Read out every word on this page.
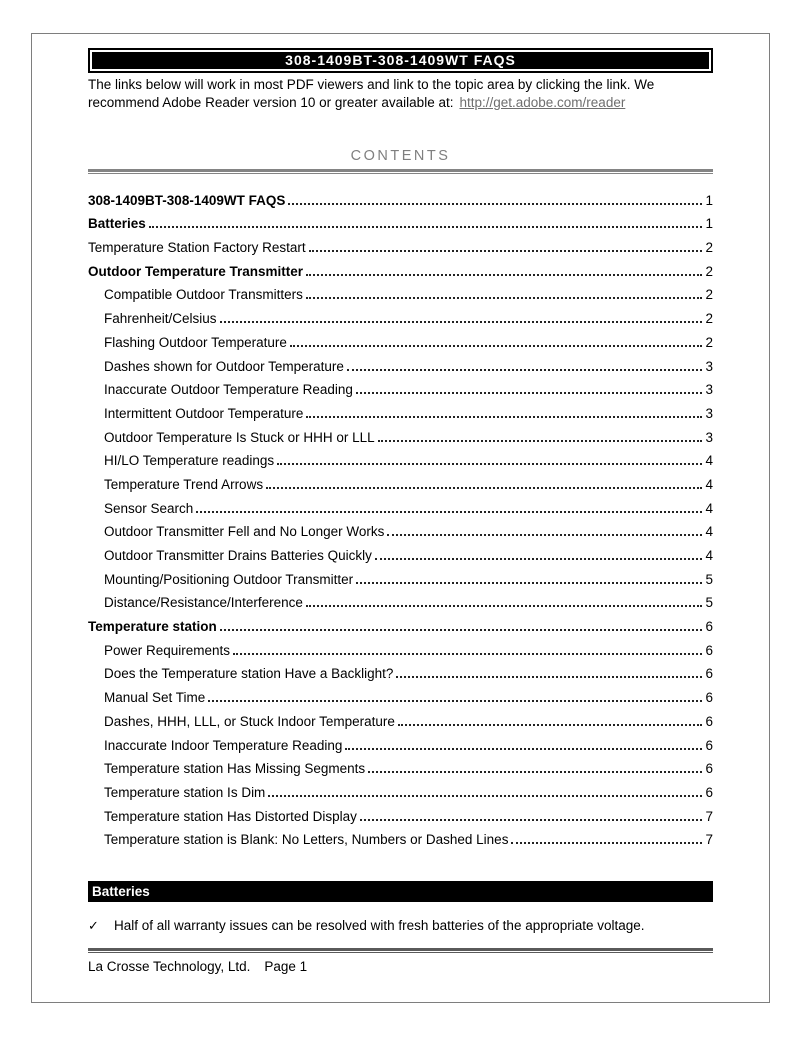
308-1409BT-308-1409WT FAQS
The links below will work in most PDF viewers and link to the topic area by clicking the link. We
recommend Adobe Reader version 10 or greater available at: http://get.adobe.com/reader
CONTENTS
308-1409BT-308-1409WT FAQS	1
Batteries	1
Temperature Station Factory Restart	2
Outdoor Temperature Transmitter	2
Compatible Outdoor Transmitters	2
Fahrenheit/Celsius	2
Flashing Outdoor Temperature	2
Dashes shown for Outdoor Temperature	3
Inaccurate Outdoor Temperature Reading	3
Intermittent Outdoor Temperature	3
Outdoor Temperature Is Stuck or HHH or LLL	3
HI/LO Temperature readings	4
Temperature Trend Arrows	4
Sensor Search	4
Outdoor Transmitter Fell and No Longer Works	4
Outdoor Transmitter Drains Batteries Quickly	4
Mounting/Positioning Outdoor Transmitter	5
Distance/Resistance/Interference	5
Temperature station	6
Power Requirements	6
Does the Temperature station Have a Backlight?	6
Manual Set Time	6
Dashes, HHH, LLL, or Stuck Indoor Temperature	6
Inaccurate Indoor Temperature Reading	6
Temperature station Has Missing Segments	6
Temperature station Is Dim	6
Temperature station Has Distorted Display	7
Temperature station is Blank: No Letters, Numbers or Dashed Lines	7
Batteries
✓ Half of all warranty issues can be resolved with fresh batteries of the appropriate voltage.
La Crosse Technology, Ltd. Page 1
